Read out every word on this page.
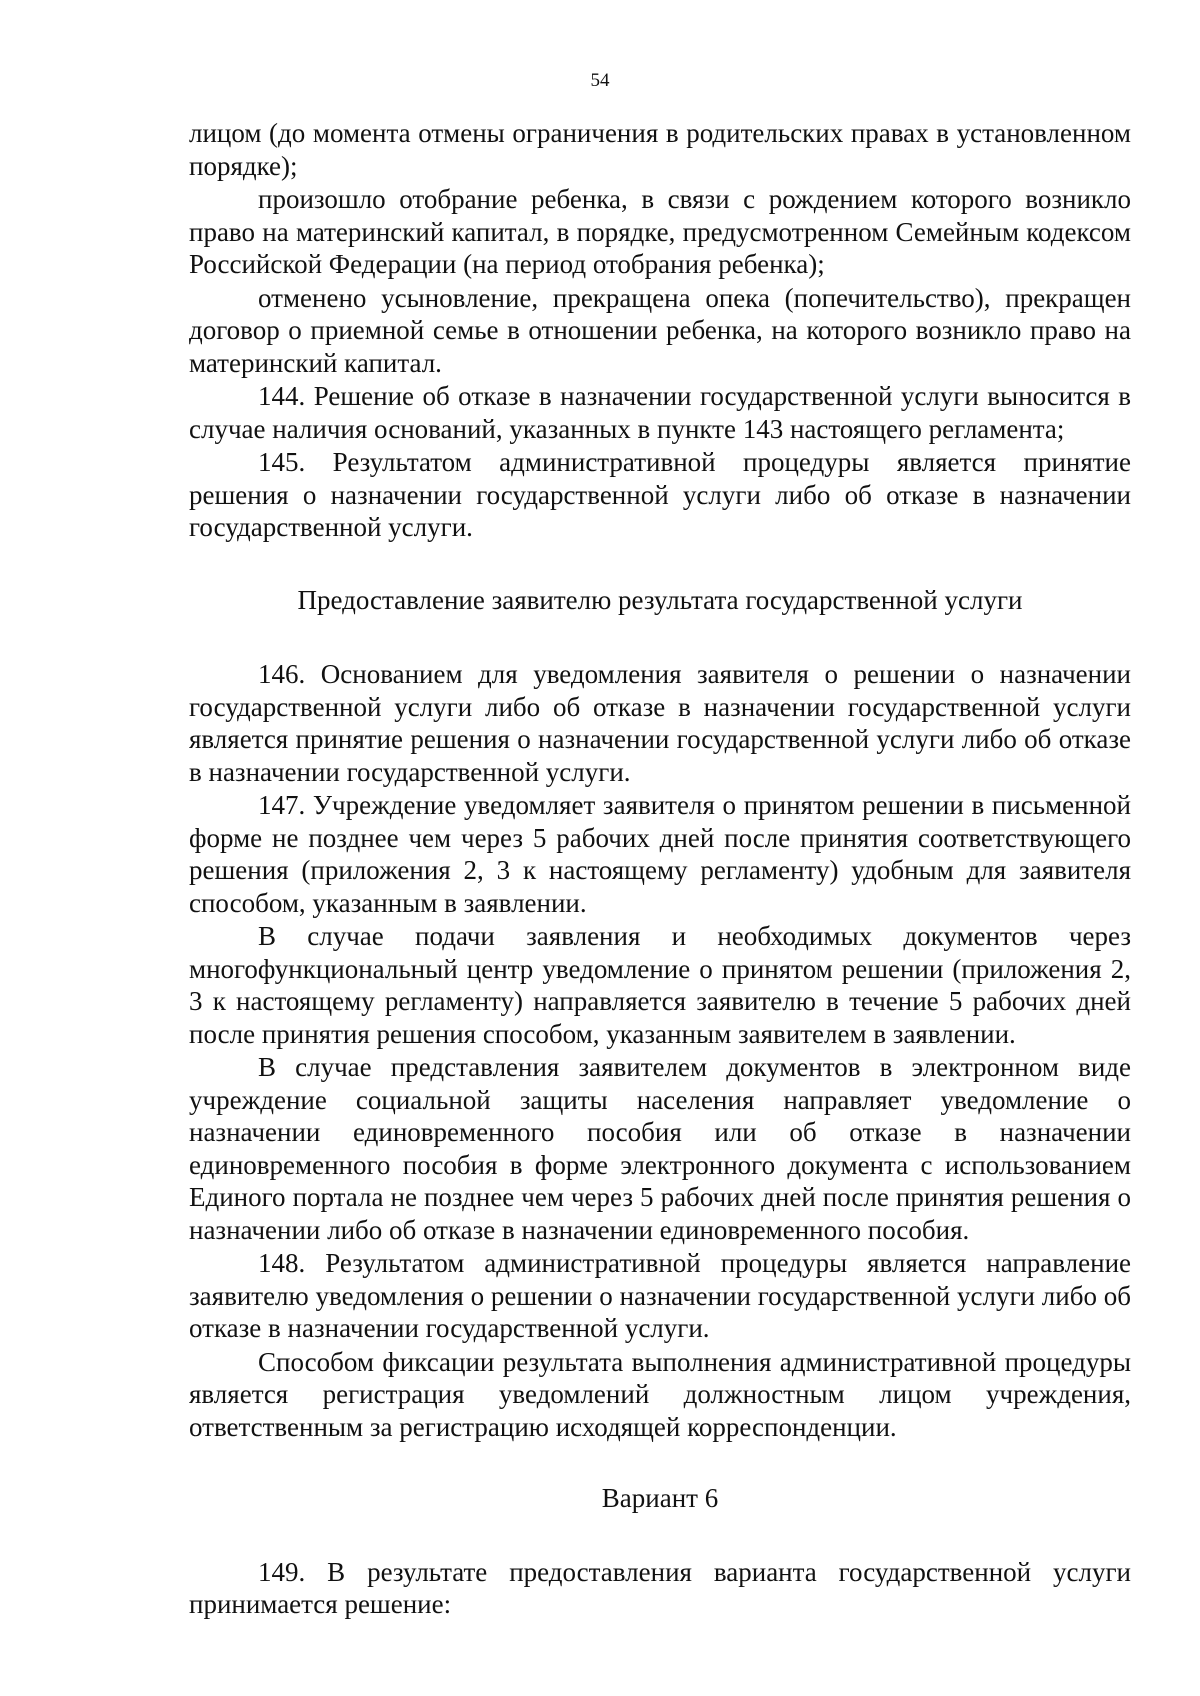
54

лицом (до момента отмены ограничения в родительских правах в установленном порядке);

произошло отобрание ребенка, в связи с рождением которого возникло право на материнский капитал, в порядке, предусмотренном Семейным кодексом Российской Федерации (на период отобрания ребенка);

отменено усыновление, прекращена опека (попечительство), прекращен договор о приемной семье в отношении ребенка, на которого возникло право на материнский капитал.

144. Решение об отказе в назначении государственной услуги выносится в случае наличия оснований, указанных в пункте 143 настоящего регламента;

145. Результатом административной процедуры является принятие решения о назначении государственной услуги либо об отказе в назначении государственной услуги.

Предоставление заявителю результата государственной услуги

146. Основанием для уведомления заявителя о решении о назначении государственной услуги либо об отказе в назначении государственной услуги является принятие решения о назначении государственной услуги либо об отказе в назначении государственной услуги.

147. Учреждение уведомляет заявителя о принятом решении в письменной форме не позднее чем через 5 рабочих дней после принятия соответствующего решения (приложения 2, 3 к настоящему регламенту) удобным для заявителя способом, указанным в заявлении.

В случае подачи заявления и необходимых документов через многофункциональный центр уведомление о принятом решении (приложения 2, 3 к настоящему регламенту) направляется заявителю в течение 5 рабочих дней после принятия решения способом, указанным заявителем в заявлении.

В случае представления заявителем документов в электронном виде учреждение социальной защиты населения направляет уведомление о назначении единовременного пособия или об отказе в назначении единовременного пособия в форме электронного документа с использованием Единого портала не позднее чем через 5 рабочих дней после принятия решения о назначении либо об отказе в назначении единовременного пособия.

148. Результатом административной процедуры является направление заявителю уведомления о решении о назначении государственной услуги либо об отказе в назначении государственной услуги.

Способом фиксации результата выполнения административной процедуры является регистрация уведомлений должностным лицом учреждения, ответственным за регистрацию исходящей корреспонденции.

Вариант 6

149. В результате предоставления варианта государственной услуги принимается решение:
